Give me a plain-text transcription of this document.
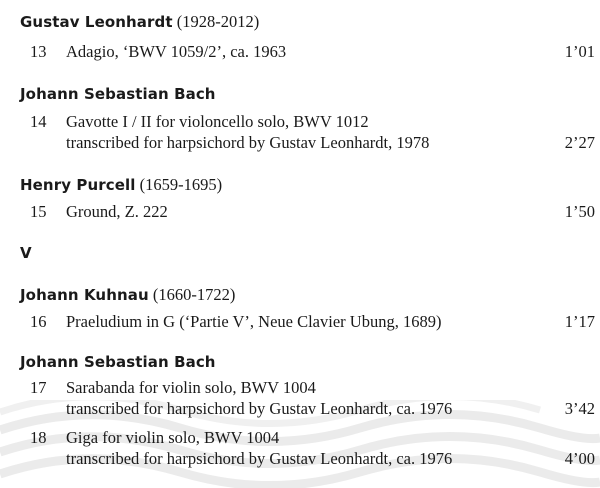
Gustav Leonhardt (1928-2012)
13 Adagio, ‘BWV 1059/2’, ca. 1963	1’01
Johann Sebastian Bach
14 Gavotte I / II for violoncello solo, BWV 1012
transcribed for harpsichord by Gustav Leonhardt, 1978	2’27
Henry Purcell (1659-1695)
15 Ground, Z. 222	1’50
V
Johann Kuhnau (1660-1722)
16 Praeludium in G (‘Partie V’, Neue Clavier Ubung, 1689)	1’17
Johann Sebastian Bach
17 Sarabanda for violin solo, BWV 1004
transcribed for harpsichord by Gustav Leonhardt, ca. 1976	3’42
18 Giga for violin solo, BWV 1004
transcribed for harpsichord by Gustav Leonhardt, ca. 1976	4’00
